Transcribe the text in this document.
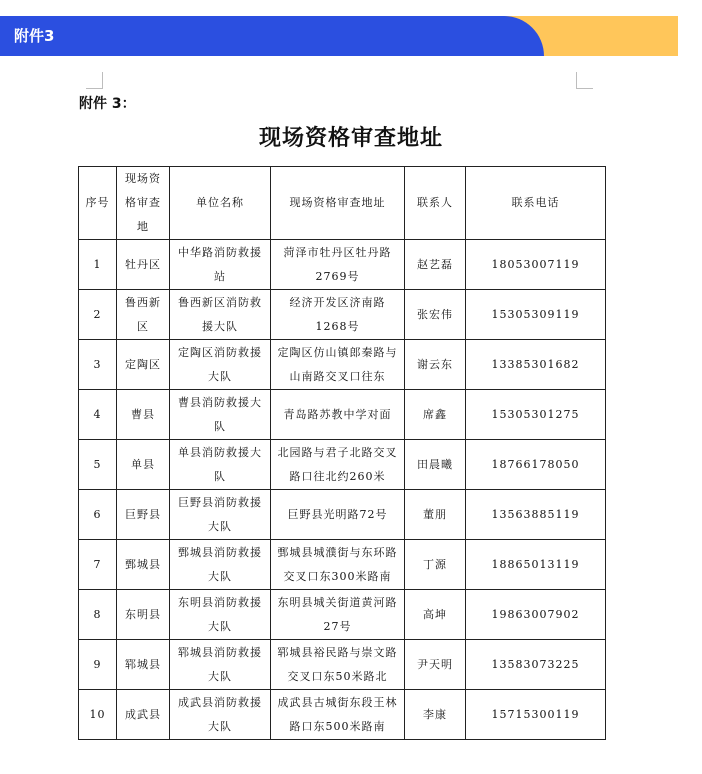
附件3
附件 3：
现场资格审查地址
序号	现场资格审查地	单位名称	现场资格审查地址	联系人	联系电话
1	牡丹区	中华路消防救援站	菏泽市牡丹区牡丹路2769号	赵艺磊	18053007119
2	鲁西新区	鲁西新区消防救援大队	经济开发区济南路1268号	张宏伟	15305309119
3	定陶区	定陶区消防救援大队	定陶区仿山镇郎秦路与山南路交叉口往东	谢云东	13385301682
4	曹县	曹县消防救援大队	青岛路苏教中学对面	席鑫	15305301275
5	单县	单县消防救援大队	北园路与君子北路交叉路口往北约260米	田晨曦	18766178050
6	巨野县	巨野县消防救援大队	巨野县光明路72号	董朋	13563885119
7	鄄城县	鄄城县消防救援大队	鄄城县城濮街与东环路交叉口东300米路南	丁源	18865013119
8	东明县	东明县消防救援大队	东明县城关街道黄河路27号	高坤	19863007902
9	郓城县	郓城县消防救援大队	郓城县裕民路与崇文路交叉口东50米路北	尹天明	13583073225
10	成武县	成武县消防救援大队	成武县古城街东段王林路口东500米路南	李康	15715300119
